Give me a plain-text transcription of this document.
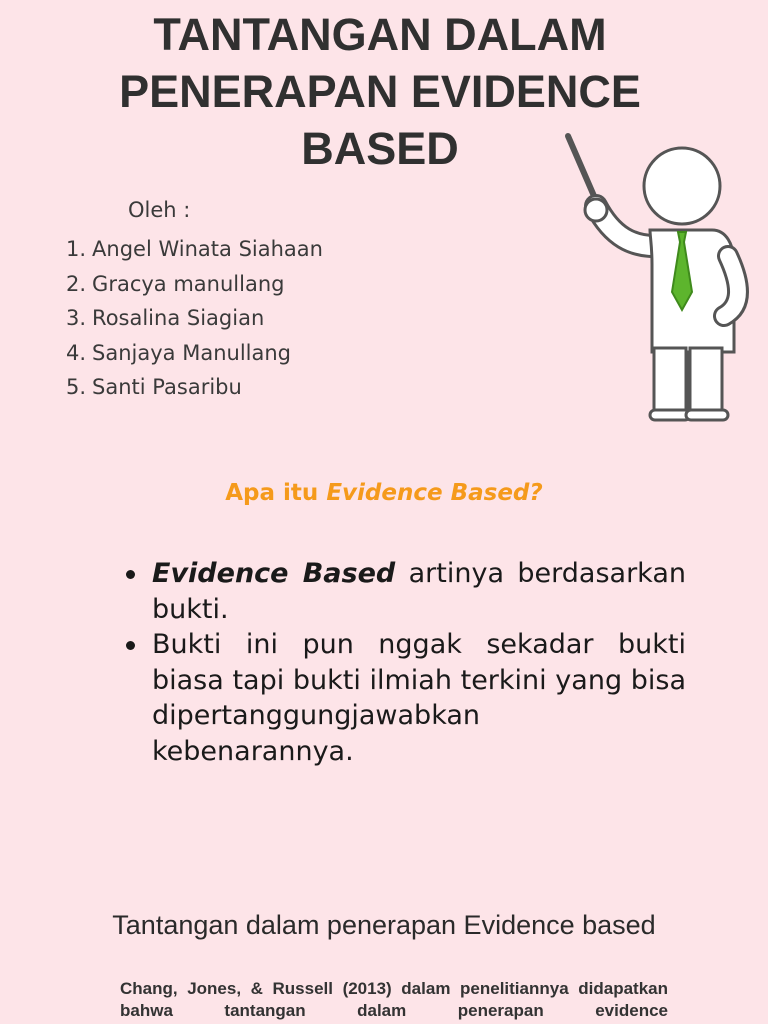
TANTANGAN DALAM
PENERAPAN EVIDENCE
BASED
Oleh :
1. Angel Winata Siahaan
2. Gracya manullang
3. Rosalina Siagian
4. Sanjaya Manullang
5. Santi Pasaribu
Apa itu Evidence Based?
Evidence Based artinya berdasarkan bukti.
Bukti ini pun nggak sekadar bukti biasa tapi bukti ilmiah terkini yang bisa dipertanggungjawabkan kebenarannya.
Tantangan dalam penerapan Evidence based
Chang, Jones, & Russell (2013) dalam penelitiannya didapatkan bahwa tantangan dalam penerapan evidence
